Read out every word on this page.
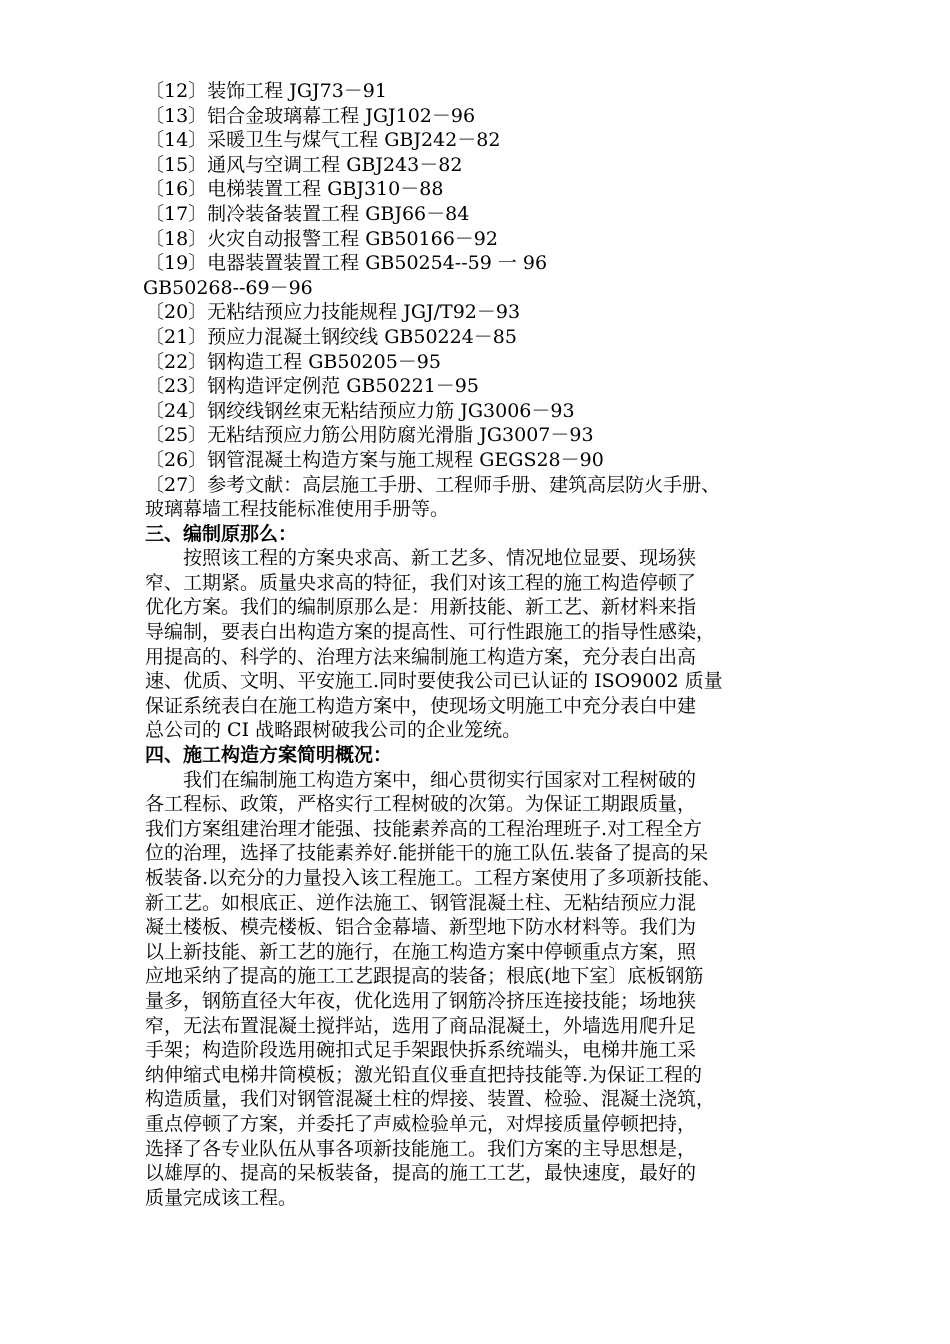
〔12〕装饰工程 JGJ73－91
〔13〕铝合金玻璃幕工程 JGJ102－96
〔14〕采暖卫生与煤气工程 GBJ242－82
〔15〕通风与空调工程 GBJ243－82
〔16〕电梯装置工程 GBJ310－88
〔17〕制冷装备装置工程 GBJ66－84
〔18〕火灾自动报警工程 GB50166－92
〔19〕电器装置装置工程 GB50254--59 一 96
GB50268--69－96
〔20〕无粘结预应力技能规程 JGJ/T92－93
〔21〕预应力混凝土钢绞线 GB50224－85
〔22〕钢构造工程 GB50205－95
〔23〕钢构造评定例范 GB50221－95
〔24〕钢绞线钢丝束无粘结预应力筋 JG3006－93
〔25〕无粘结预应力筋公用防腐光滑脂 JG3007－93
〔26〕钢管混凝土构造方案与施工规程 GEGS28－90
〔27〕参考文献：高层施工手册、工程师手册、建筑高层防火手册、
玻璃幕墙工程技能标准使用手册等。
三、编制原那么：
按照该工程的方案央求高、新工艺多、情况地位显要、现场狭
窄、工期紧。质量央求高的特征，我们对该工程的施工构造停顿了
优化方案。我们的编制原那么是：用新技能、新工艺、新材料来指
导编制，要表白出构造方案的提高性、可行性跟施工的指导性感染，
用提高的、科学的、治理方法来编制施工构造方案，充分表白出高
速、优质、文明、平安施工.同时要使我公司已认证的 ISO9002 质量
保证系统表白在施工构造方案中，使现场文明施工中充分表白中建
总公司的 CI 战略跟树破我公司的企业笼统。
四、施工构造方案简明概况：
我们在编制施工构造方案中，细心贯彻实行国家对工程树破的
各工程标、政策，严格实行工程树破的次第。为保证工期跟质量，
我们方案组建治理才能强、技能素养高的工程治理班子.对工程全方
位的治理，选择了技能素养好.能拼能干的施工队伍.装备了提高的呆
板装备.以充分的力量投入该工程施工。工程方案使用了多项新技能、
新工艺。如根底正、逆作法施工、钢管混凝土柱、无粘结预应力混
凝土楼板、模壳楼板、铝合金幕墙、新型地下防水材料等。我们为
以上新技能、新工艺的施行，在施工构造方案中停顿重点方案，照
应地采纳了提高的施工工艺跟提高的装备；根底(地下室〕底板钢筋
量多，钢筋直径大年夜，优化选用了钢筋冷挤压连接技能；场地狭
窄，无法布置混凝土搅拌站，选用了商品混凝土，外墙选用爬升足
手架；构造阶段选用碗扣式足手架跟快拆系统端头，电梯井施工采
纳伸缩式电梯井筒模板；激光铅直仪垂直把持技能等.为保证工程的
构造质量，我们对钢管混凝土柱的焊接、装置、检验、混凝土浇筑，
重点停顿了方案，并委托了声威检验单元，对焊接质量停顿把持，
选择了各专业队伍从事各项新技能施工。我们方案的主导思想是，
以雄厚的、提高的呆板装备，提高的施工工艺，最快速度，最好的
质量完成该工程。
